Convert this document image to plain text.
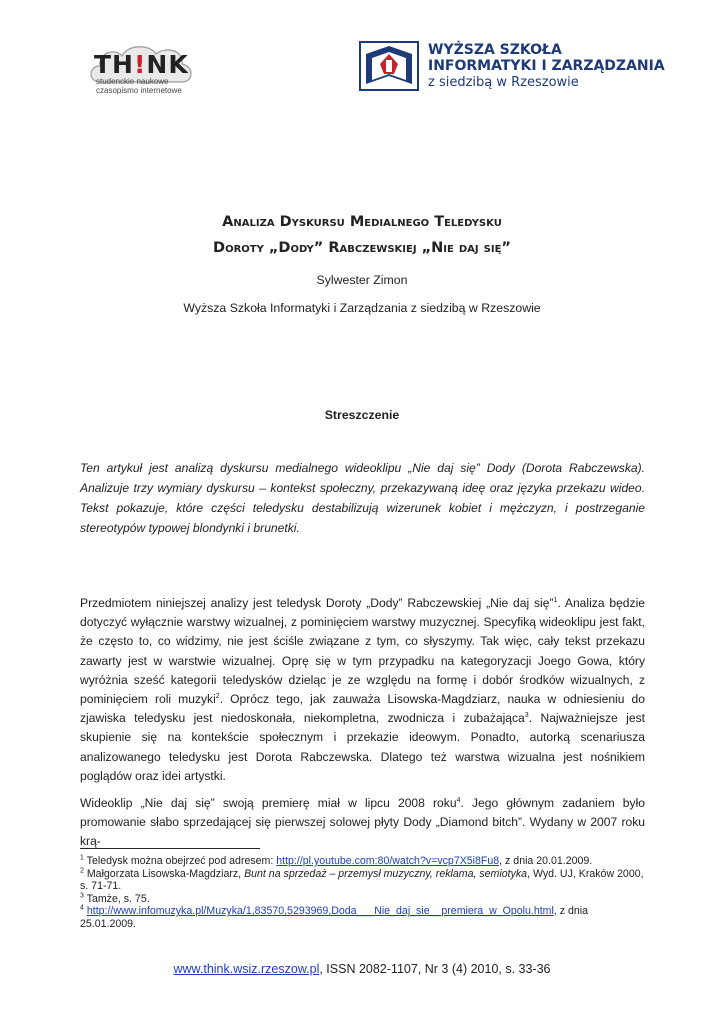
TH!NK
studenckie naukowe
czasopismo internetowe
WYŻSZA SZKOŁA
INFORMATYKI I ZARZĄDZANIA
z siedzibą w Rzeszowie
Analiza Dyskursu Medialnego Teledysku
Doroty „Dody” Rabczewskiej „Nie daj się”
Sylwester Zimon
Wyższa Szkoła Informatyki i Zarządzania z siedzibą w Rzeszowie
Streszczenie
Ten artykuł jest analizą dyskursu medialnego wideoklipu „Nie daj się” Dody (Dorota Rabczewska). Analizuje trzy wymiary dyskursu – kontekst społeczny, przekazywaną ideę oraz języka przekazu wideo. Tekst pokazuje, które części teledysku destabilizują wizerunek kobiet i mężczyzn, i postrzeganie stereotypów typowej blondynki i brunetki.

Przedmiotem niniejszej analizy jest teledysk Doroty „Dody” Rabczewskiej „Nie daj się”$^1$. Analiza będzie dotyczyć wyłącznie warstwy wizualnej, z pominięciem warstwy muzycznej. Specyfiką wideoklipu jest fakt, że często to, co widzimy, nie jest ściśle związane z tym, co słyszymy. Tak więc, cały tekst przekazu zawarty jest w warstwie wizualnej. Oprę się w tym przypadku na kategoryzacji Joego Gowa, który wyróżnia sześć kategorii teledysków dzieląc je ze względu na formę i dobór środków wizualnych, z pominięciem roli muzyki$^2$. Oprócz tego, jak zauważa Lisowska-Magdziarz, nauka w odniesieniu do zjawiska teledysku jest niedoskonała, niekompletna, zwodnicza i zubażająca$^3$. Najważniejsze jest skupienie się na kontekście społecznym i przekazie ideowym. Ponadto, autorką scenariusza analizowanego teledysku jest Dorota Rabczewska. Dlatego też warstwa wizualna jest nośnikiem poglądów oraz idei artystki.

Wideoklip „Nie daj się” swoją premierę miał w lipcu 2008 roku$^4$. Jego głównym zadaniem było promowanie słabo sprzedającej się pierwszej solowej płyty Dody „Diamond bitch”. Wydany w 2007 roku krą-

$^1$ Teledysk można obejrzeć pod adresem: http://pl.youtube.com:80/watch?v=vcp7X5i8Fu8, z dnia 20.01.2009.
$^2$ Małgorzata Lisowska-Magdziarz, Bunt na sprzedaż – przemysł muzyczny, reklama, semiotyka, Wyd. UJ, Kraków 2000, s. 71-71.
$^3$ Tamże, s. 75.
$^4$ http://www.infomuzyka.pl/Muzyka/1,83570,5293969,Doda___Nie_daj_sie__premiera_w_Opolu.html, z dnia 25.01.2009.
www.think.wsiz.rzeszow.pl, ISSN 2082-1107, Nr 3 (4) 2010, s. 33-36
